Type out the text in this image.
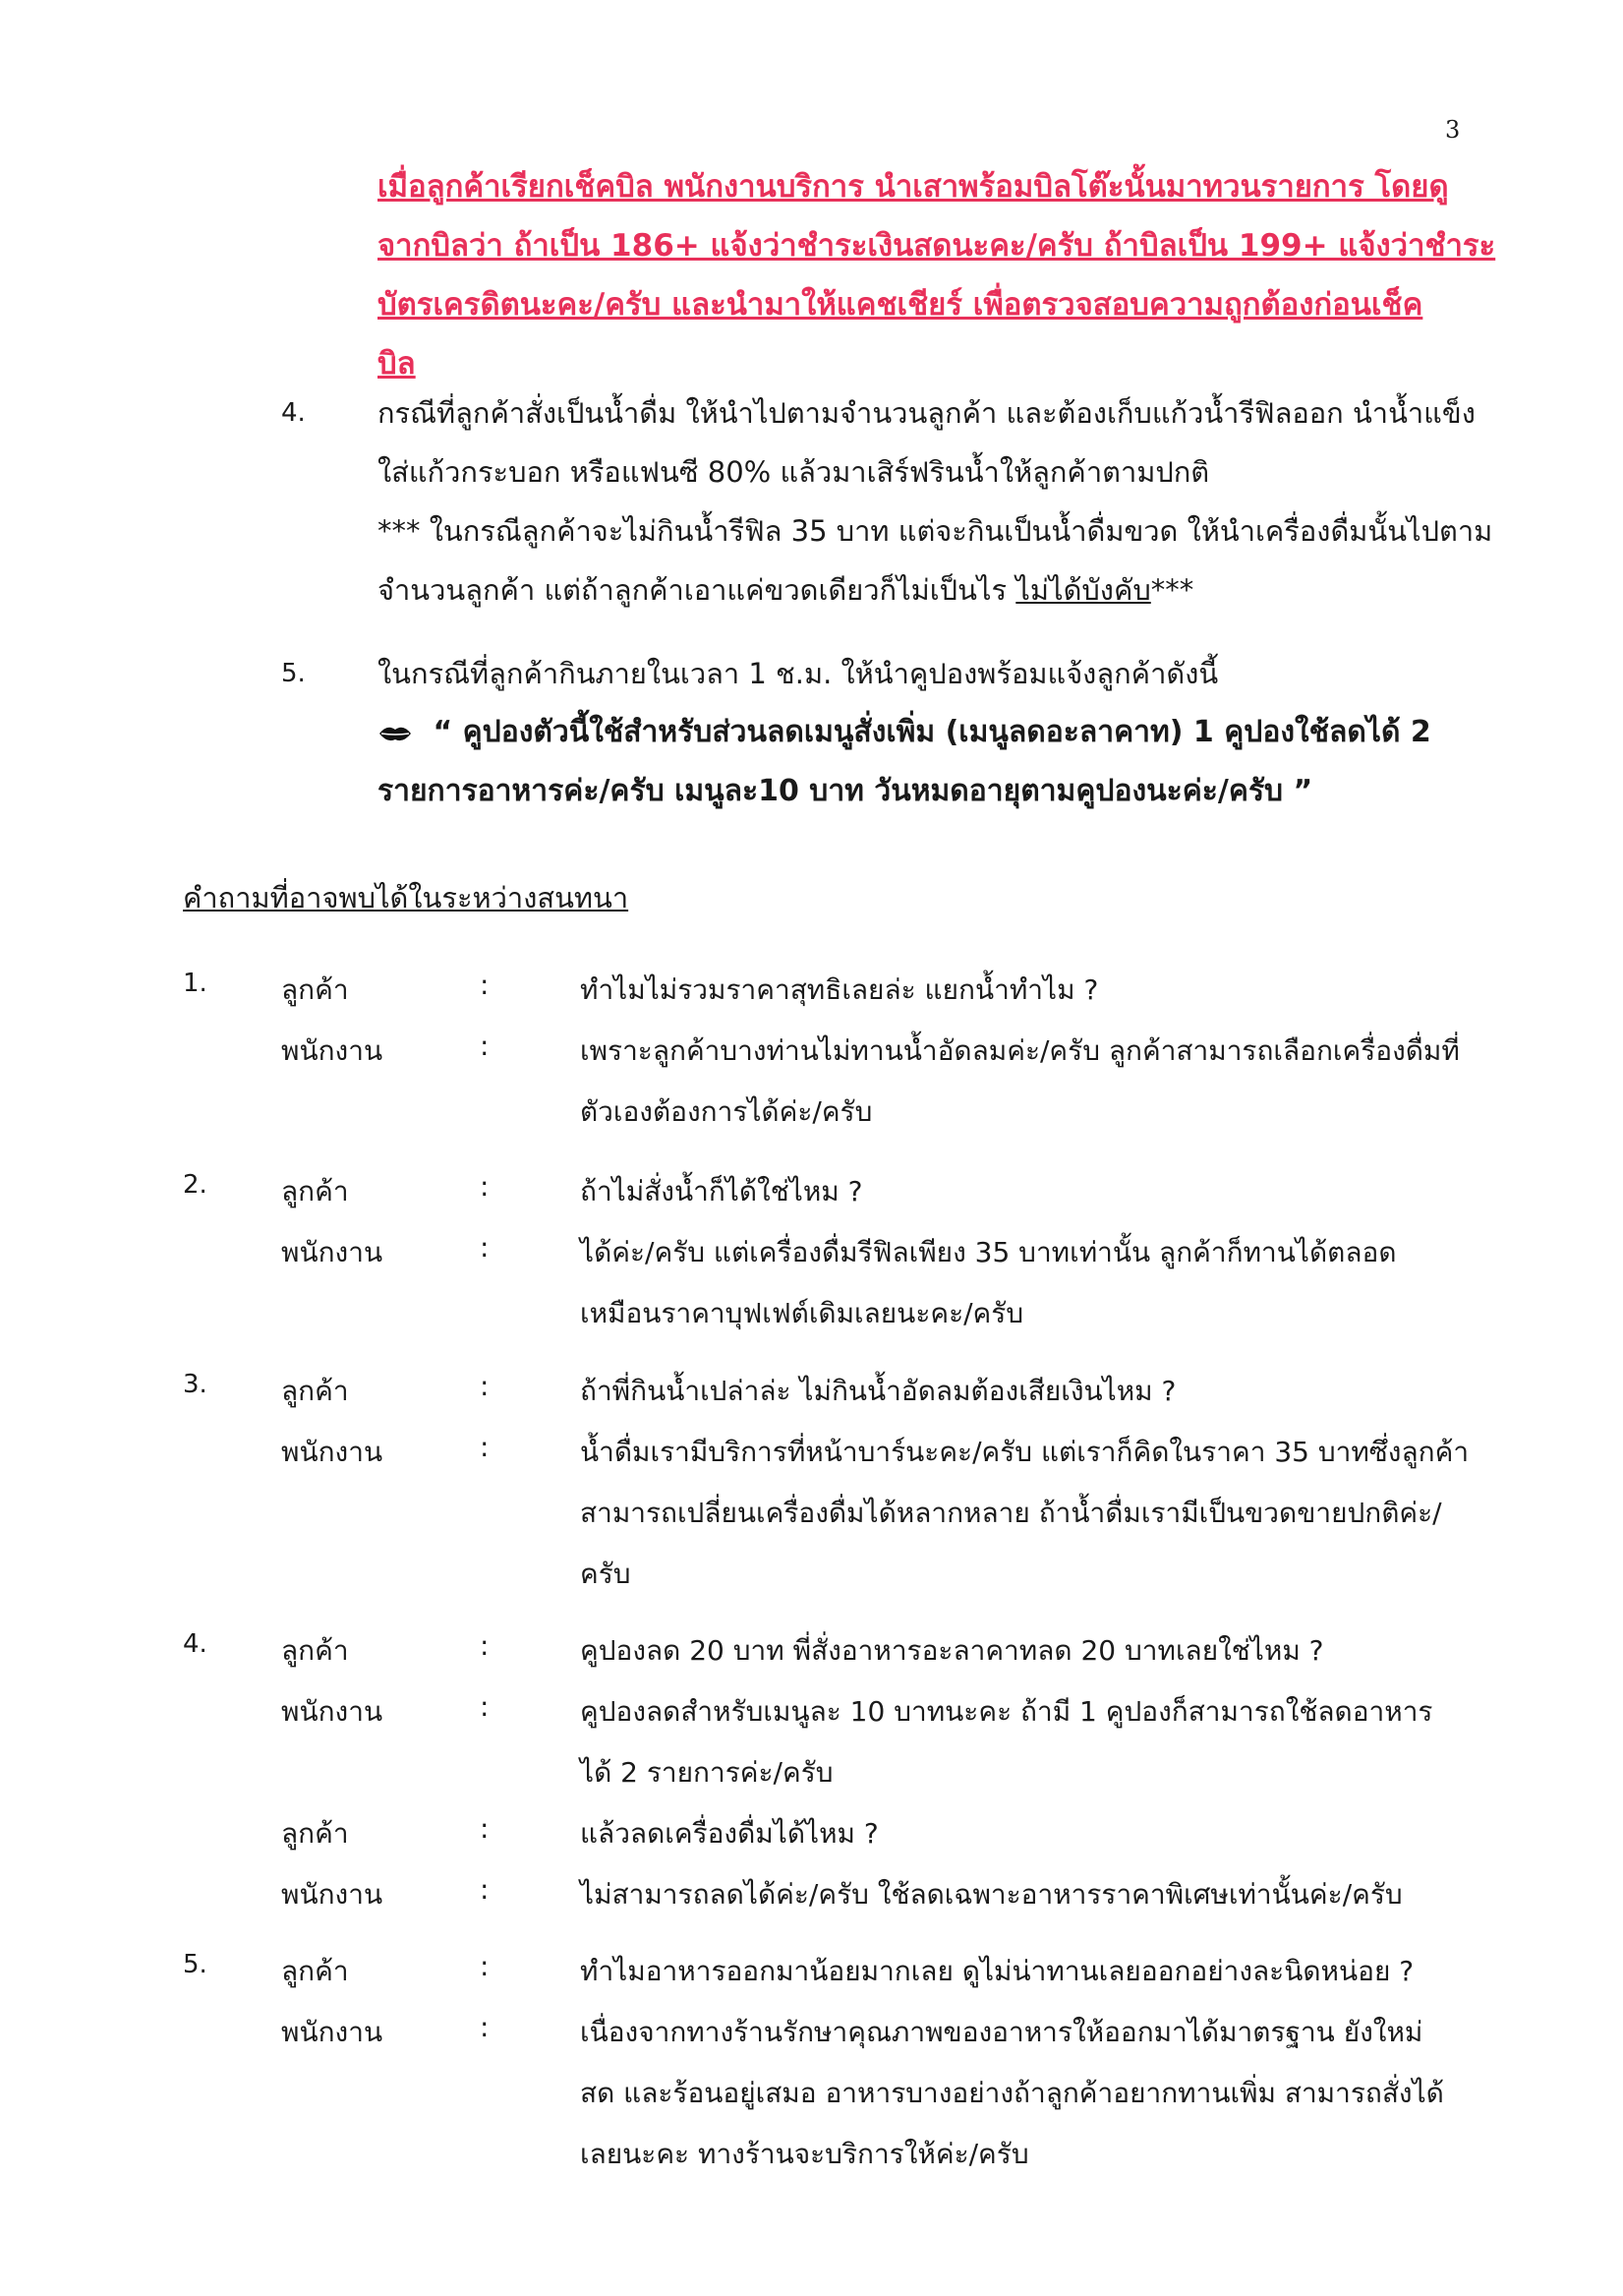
3
เมื่อลูกค้าเรียกเช็คบิล พนักงานบริการ นำเสาพร้อมบิลโต๊ะนั้นมาทวนรายการ โดยดู
จากบิลว่า ถ้าเป็น 186+ แจ้งว่าชำระเงินสดนะคะ/ครับ ถ้าบิลเป็น 199+ แจ้งว่าชำระ
บัตรเครดิตนะคะ/ครับ และนำมาให้แคชเชียร์ เพื่อตรวจสอบความถูกต้องก่อนเช็ค
บิล
4.	กรณีที่ลูกค้าสั่งเป็นน้ำดื่ม ให้นำไปตามจำนวนลูกค้า และต้องเก็บแก้วน้ำรีฟิลออก นำน้ำแข็ง
ใส่แก้วกระบอก หรือแฟนซี 80% แล้วมาเสิร์ฟรินน้ำให้ลูกค้าตามปกติ
*** ในกรณีลูกค้าจะไม่กินน้ำรีฟิล 35 บาท แต่จะกินเป็นน้ำดื่มขวด ให้นำเครื่องดื่มนั้นไปตาม
จำนวนลูกค้า แต่ถ้าลูกค้าเอาแค่ขวดเดียวก็ไม่เป็นไร ไม่ได้บังคับ***
5.	ในกรณีที่ลูกค้ากินภายในเวลา 1 ช.ม. ให้นำคูปองพร้อมแจ้งลูกค้าดังนี้
“ คูปองตัวนี้ใช้สำหรับส่วนลดเมนูสั่งเพิ่ม (เมนูลดอะลาคาท) 1 คูปองใช้ลดได้ 2
รายการอาหารค่ะ/ครับ เมนูละ10 บาท วันหมดอายุตามคูปองนะค่ะ/ครับ ”
คำถามที่อาจพบได้ในระหว่างสนทนา
1.	ลูกค้า	:	ทำไมไม่รวมราคาสุทธิเลยล่ะ แยกน้ำทำไม ?
พนักงาน	:	เพราะลูกค้าบางท่านไม่ทานน้ำอัดลมค่ะ/ครับ ลูกค้าสามารถเลือกเครื่องดื่มที่
ตัวเองต้องการได้ค่ะ/ครับ
2.	ลูกค้า	:	ถ้าไม่สั่งน้ำก็ได้ใช่ไหม ?
พนักงาน	:	ได้ค่ะ/ครับ แต่เครื่องดื่มรีฟิลเพียง 35 บาทเท่านั้น ลูกค้าก็ทานได้ตลอด
เหมือนราคาบุฟเฟต์เดิมเลยนะคะ/ครับ
3.	ลูกค้า	:	ถ้าพี่กินน้ำเปล่าล่ะ ไม่กินน้ำอัดลมต้องเสียเงินไหม ?
พนักงาน	:	น้ำดื่มเรามีบริการที่หน้าบาร์นะคะ/ครับ แต่เราก็คิดในราคา 35 บาทซึ่งลูกค้า
สามารถเปลี่ยนเครื่องดื่มได้หลากหลาย ถ้าน้ำดื่มเรามีเป็นขวดขายปกติค่ะ/
ครับ
4.	ลูกค้า	:	คูปองลด 20 บาท พี่สั่งอาหารอะลาคาทลด 20 บาทเลยใช่ไหม ?
พนักงาน	:	คูปองลดสำหรับเมนูละ 10 บาทนะคะ ถ้ามี 1 คูปองก็สามารถใช้ลดอาหาร
ได้ 2 รายการค่ะ/ครับ
ลูกค้า	:	แล้วลดเครื่องดื่มได้ไหม ?
พนักงาน	:	ไม่สามารถลดได้ค่ะ/ครับ ใช้ลดเฉพาะอาหารราคาพิเศษเท่านั้นค่ะ/ครับ
5.	ลูกค้า	:	ทำไมอาหารออกมาน้อยมากเลย ดูไม่น่าทานเลยออกอย่างละนิดหน่อย ?
พนักงาน	:	เนื่องจากทางร้านรักษาคุณภาพของอาหารให้ออกมาได้มาตรฐาน ยังใหม่
สด และร้อนอยู่เสมอ อาหารบางอย่างถ้าลูกค้าอยากทานเพิ่ม สามารถสั่งได้
เลยนะคะ ทางร้านจะบริการให้ค่ะ/ครับ
